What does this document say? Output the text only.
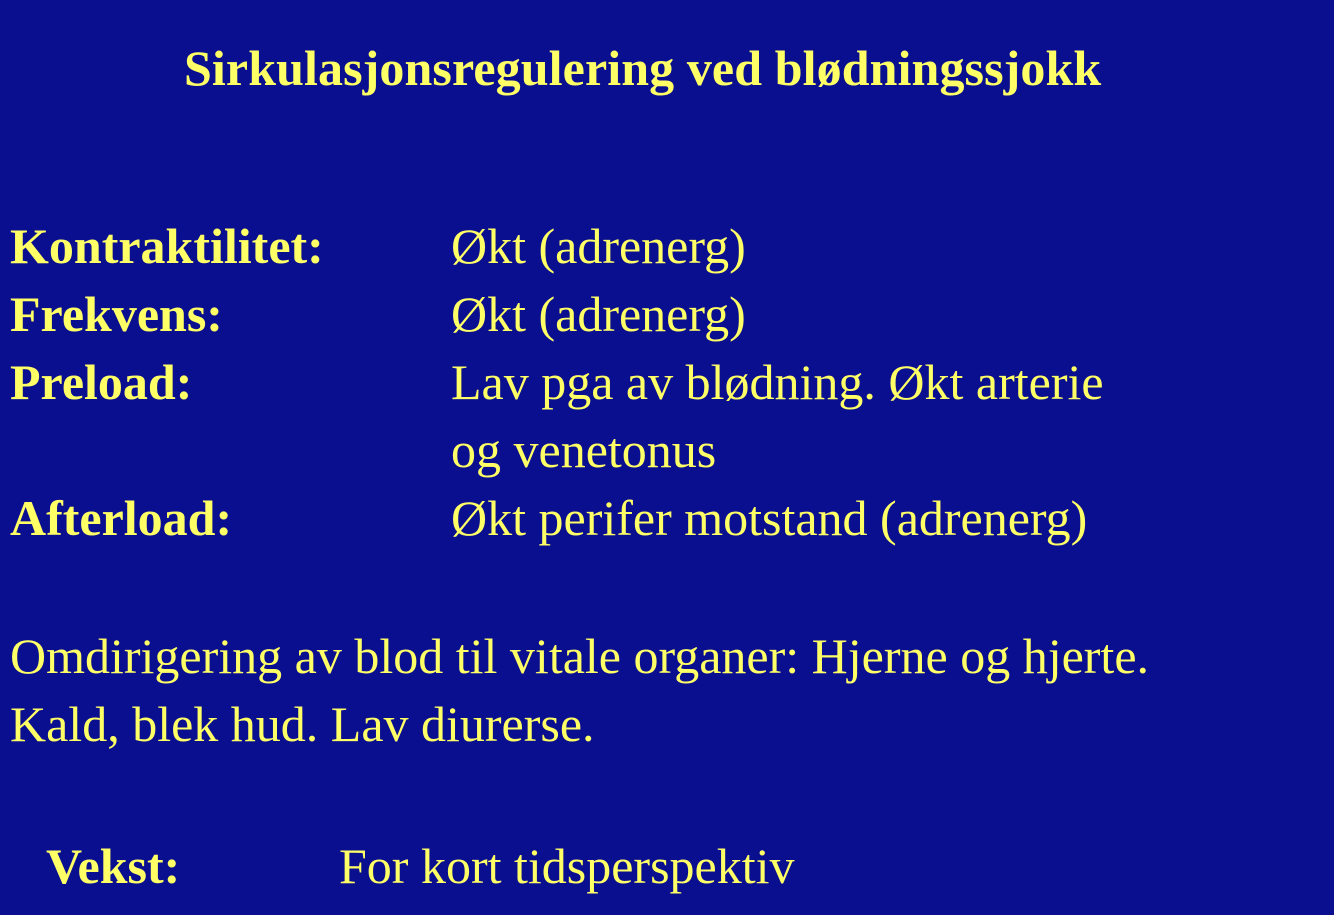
Sirkulasjonsregulering ved blødningssjokk
Kontraktilitet:	Økt (adrenerg)
Frekvens:	Økt (adrenerg)
Preload:	Lav pga av blødning. Økt arterie
og venetonus
Afterload:	Økt perifer motstand (adrenerg)
Omdirigering av blod til vitale organer: Hjerne og hjerte.
Kald, blek hud. Lav diurerse.
Vekst:	For kort tidsperspektiv
